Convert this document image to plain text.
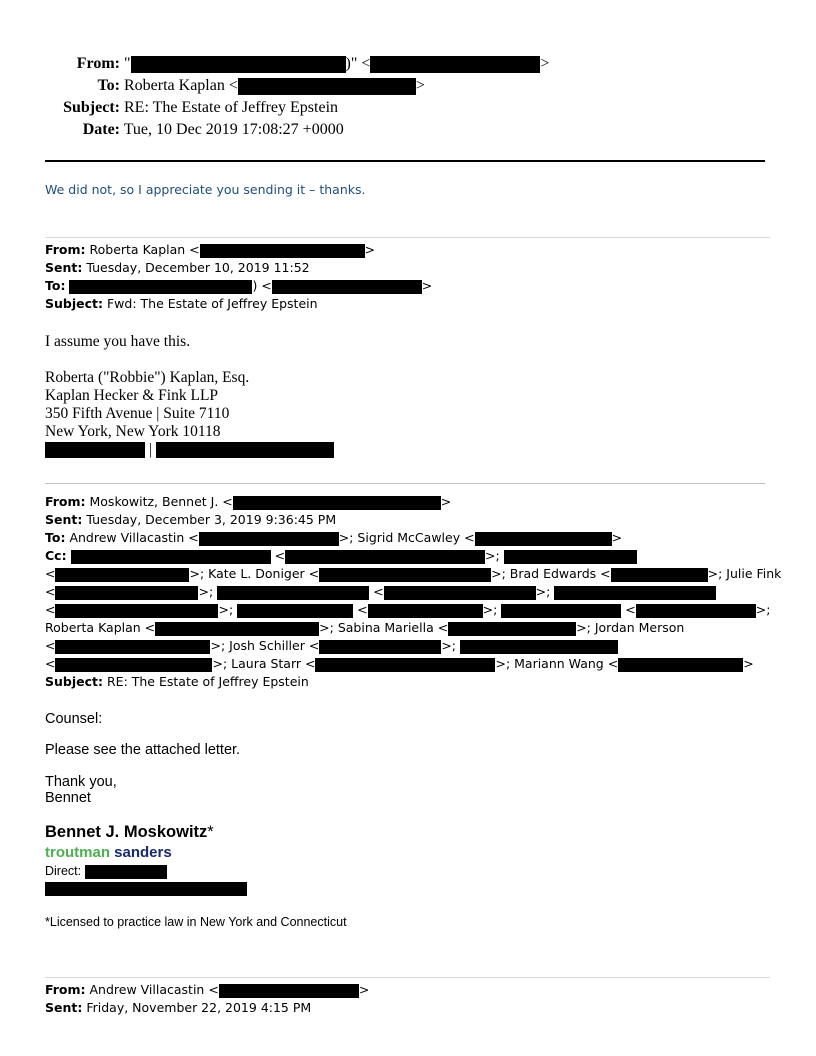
From: "	)" <	>
To: Roberta Kaplan <	>
Subject: RE: The Estate of Jeffrey Epstein
Date: Tue, 10 Dec 2019 17:08:27 +0000
We did not, so I appreciate you sending it – thanks.
From: Roberta Kaplan <	>
Sent: Tuesday, December 10, 2019 11:52
To:	) <	>
Subject: Fwd: The Estate of Jeffrey Epstein
I assume you have this.
Roberta ("Robbie") Kaplan, Esq.
Kaplan Hecker & Fink LLP
350 Fifth Avenue | Suite 7110
New York, New York 10118
|
From: Moskowitz, Bennet J. <	>
Sent: Tuesday, December 3, 2019 9:36:45 PM
To: Andrew Villacastin <	>; Sigrid McCawley <	>
Cc:	<	>;
<	>; Kate L. Doniger <	>; Brad Edwards <	>; Julie Fink
<	>;	<	>;
<	>;	<	>;	<	>;
Roberta Kaplan <	>; Sabina Mariella <	>; Jordan Merson
<	>; Josh Schiller <	>;
<	>; Laura Starr <	>; Mariann Wang <	>
Subject: RE: The Estate of Jeffrey Epstein
Counsel:
Please see the attached letter.
Thank you,
Bennet
Bennet J. Moskowitz*
troutman sanders
Direct:
*Licensed to practice law in New York and Connecticut
From: Andrew Villacastin <	>
Sent: Friday, November 22, 2019 4:15 PM
